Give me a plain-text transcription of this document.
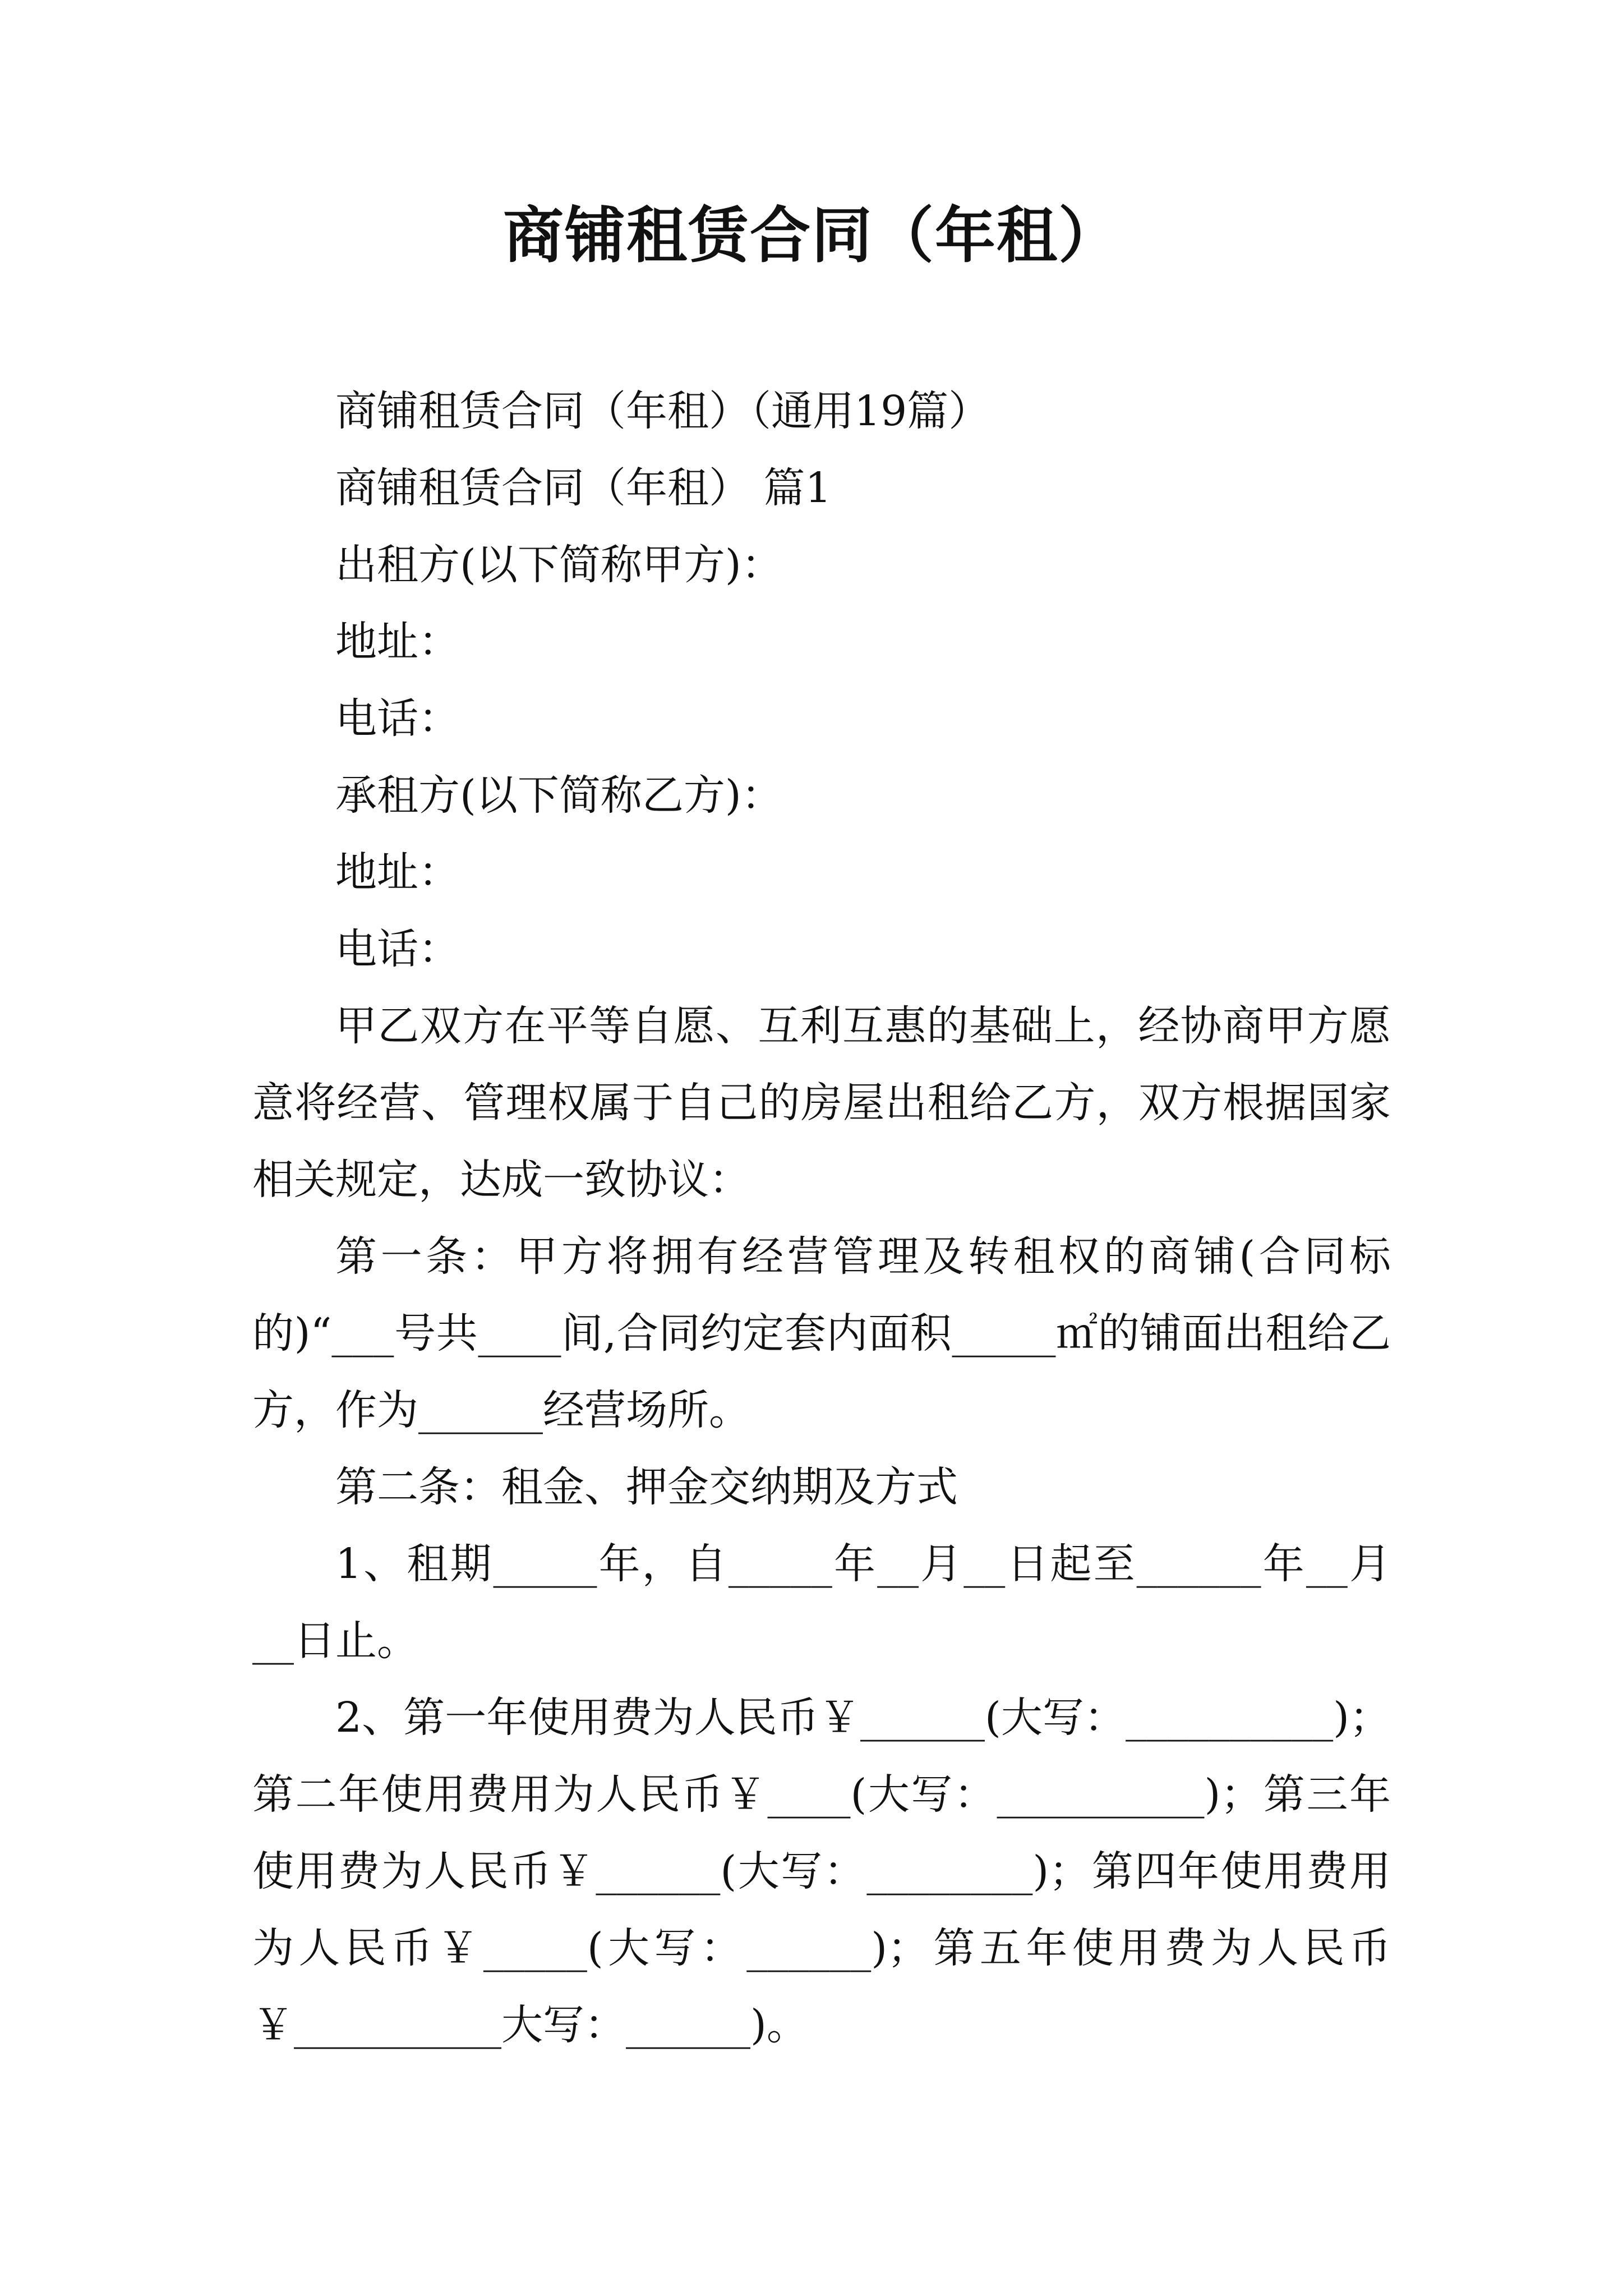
商铺租赁合同（年租）

商铺租赁合同（年租）（通用19篇）

商铺租赁合同（年租） 篇1

出租方(以下简称甲方)：

地址：

电话：

承租方(以下简称乙方)：

地址：

电话：

甲乙双方在平等自愿、互利互惠的基础上，经协商甲方愿意将经营、管理权属于自己的房屋出租给乙方，双方根据国家相关规定，达成一致协议：

第一条：甲方将拥有经营管理及转租权的商铺(合同标的)“___号共____间,合同约定套内面积_____㎡的铺面出租给乙方，作为______经营场所。

第二条：租金、押金交纳期及方式

1、租期_____年，自_____年__月__日起至______年__月__日止。

2、第一年使用费为人民币￥______(大写：__________)；第二年使用费用为人民币￥____(大写：__________)；第三年使用费为人民币￥______(大写：________)；第四年使用费用为人民币￥_____(大写：______)；第五年使用费为人民币￥__________大写：______)。
